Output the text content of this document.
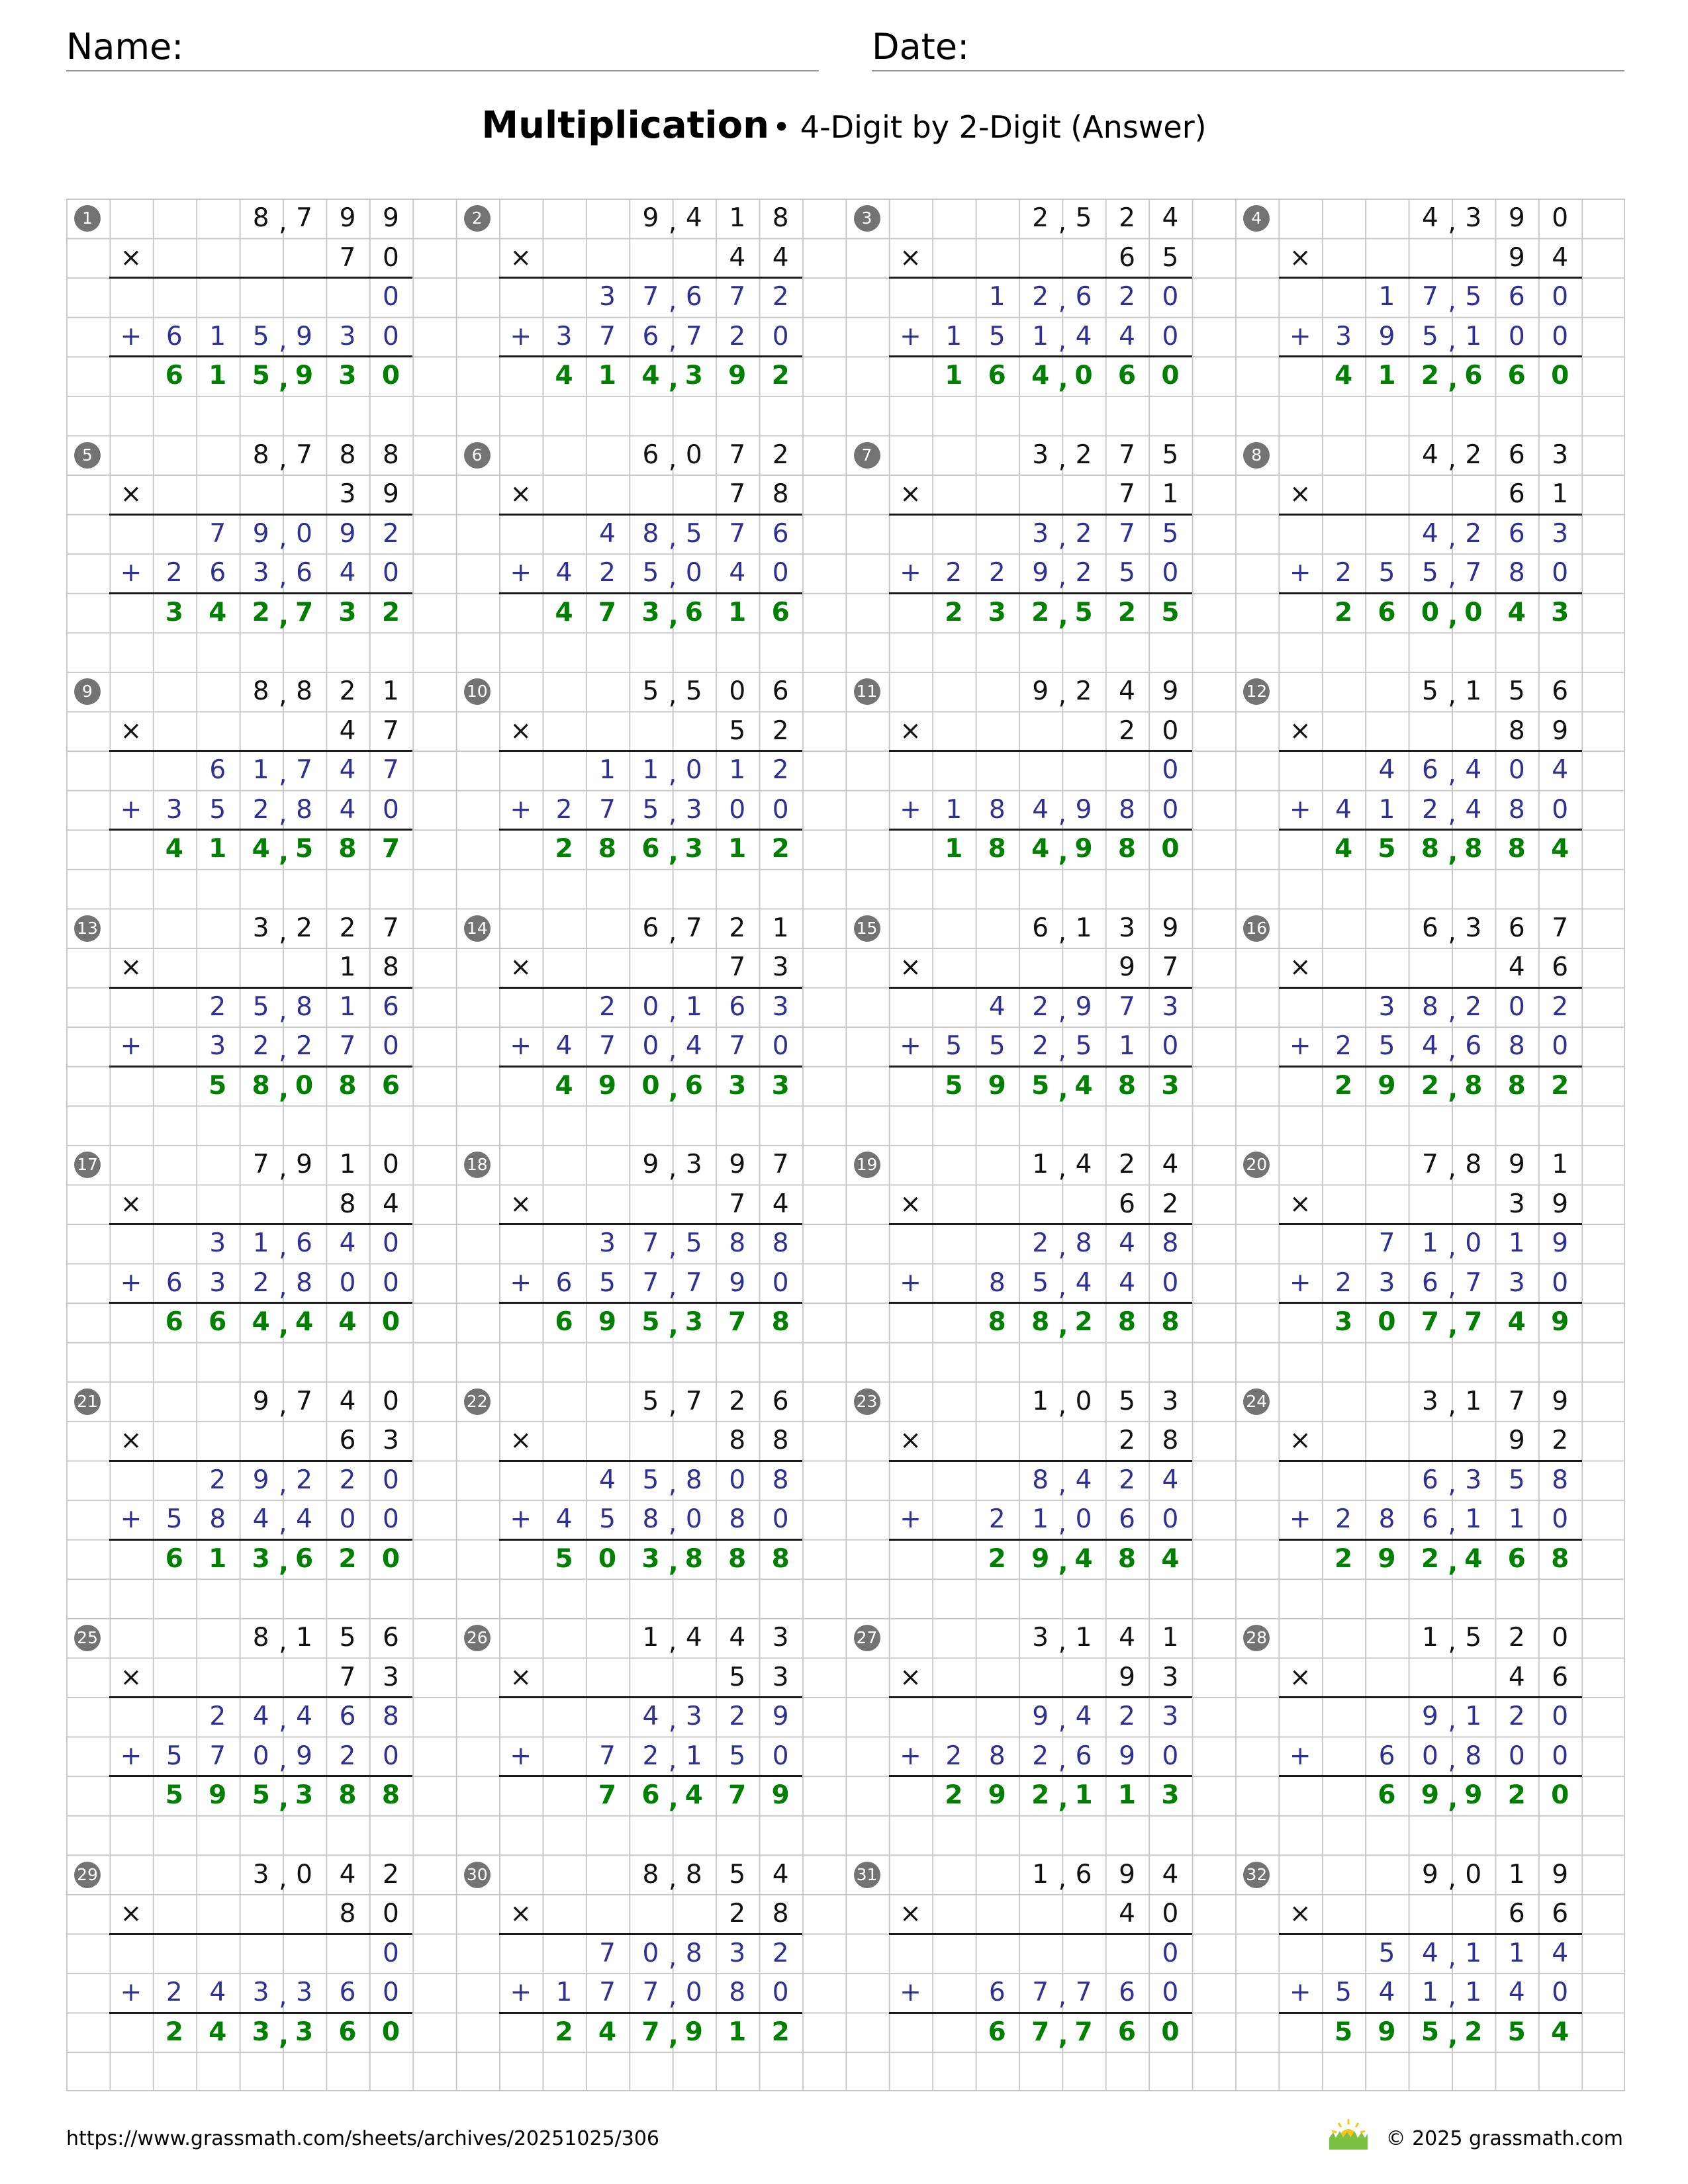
Name:	Date:
Multiplication • 4-Digit by 2-Digit (Answer)
1	8 , 7	9	9
×	7	0
0
+ 6	1	5 , 9	3	0
6 1 5 , 9 3 0
2	9 , 4	1	8
×	4	4
3	7 , 6	7	2
+ 3	7	6 , 7	2	0
4 1 4 , 3 9 2
3	2 , 5	2	4
×	6	5
1	2 , 6	2	0
+ 1	5	1 , 4	4	0
1 6 4 , 0 6 0
4	4 , 3	9	0
×	9	4
1	7 , 5	6	0
+ 3	9	5 , 1	0	0
4 1 2 , 6 6 0
5	8 , 7	8	8
×	3	9
7	9 , 0	9	2
+ 2	6	3 , 6	4	0
3 4 2 , 7 3 2
6	6 , 0	7	2
×	7	8
4	8 , 5	7	6
+ 4	2	5 , 0	4	0
4 7 3 , 6 1 6
7	3 , 2	7	5
×	7	1
3 , 2	7	5
+ 2	2	9 , 2	5	0
2 3 2 , 5 2 5
8	4 , 2	6	3
×	6	1
4 , 2	6	3
+ 2	5	5 , 7	8	0
2 6 0 , 0 4 3
9	8 , 8	2	1
×	4	7
6	1 , 7	4	7
+ 3	5	2 , 8	4	0
4 1 4 , 5 8 7
10	5 , 5	0	6
×	5	2
1	1 , 0	1	2
+ 2	7	5 , 3	0	0
2 8 6 , 3 1 2
11	9 , 2	4	9
×	2	0
0
+ 1	8	4 , 9	8	0
1 8 4 , 9 8 0
12	5 , 1	5	6
×	8	9
4	6 , 4	0	4
+ 4	1	2 , 4	8	0
4 5 8 , 8 8 4
13	3 , 2	2	7
×	1	8
2	5 , 8	1	6
+	3	2 , 2	7	0
5 8 , 0 8 6
14	6 , 7	2	1
×	7	3
2	0 , 1	6	3
+ 4	7	0 , 4	7	0
4 9 0 , 6 3 3
15	6 , 1	3	9
×	9	7
4	2 , 9	7	3
+ 5	5	2 , 5	1	0
5 9 5 , 4 8 3
16	6 , 3	6	7
×	4	6
3	8 , 2	0	2
+ 2	5	4 , 6	8	0
2 9 2 , 8 8 2
17	7 , 9	1	0
×	8	4
3	1 , 6	4	0
+ 6	3	2 , 8	0	0
6 6 4 , 4 4 0
18	9 , 3	9	7
×	7	4
3	7 , 5	8	8
+ 6	5	7 , 7	9	0
6 9 5 , 3 7 8
19	1 , 4	2	4
×	6	2
2 , 8	4	8
+	8	5 , 4	4	0
8 8 , 2 8 8
20	7 , 8	9	1
×	3	9
7	1 , 0	1	9
+ 2	3	6 , 7	3	0
3 0 7 , 7 4 9
21	9 , 7	4	0
×	6	3
2	9 , 2	2	0
+ 5	8	4 , 4	0	0
6 1 3 , 6 2 0
22	5 , 7	2	6
×	8	8
4	5 , 8	0	8
+ 4	5	8 , 0	8	0
5 0 3 , 8 8 8
23	1 , 0	5	3
×	2	8
8 , 4	2	4
+	2	1 , 0	6	0
2 9 , 4 8 4
24	3 , 1	7	9
×	9	2
6 , 3	5	8
+ 2	8	6 , 1	1	0
2 9 2 , 4 6 8
25	8 , 1	5	6
×	7	3
2	4 , 4	6	8
+ 5	7	0 , 9	2	0
5 9 5 , 3 8 8
26	1 , 4	4	3
×	5	3
4 , 3	2	9
+	7	2 , 1	5	0
7 6 , 4 7 9
27	3 , 1	4	1
×	9	3
9 , 4	2	3
+ 2	8	2 , 6	9	0
2 9 2 , 1 1 3
28	1 , 5	2	0
×	4	6
9 , 1	2	0
+	6	0 , 8	0	0
6 9 , 9 2 0
29	3 , 0	4	2
×	8	0
0
+ 2	4	3 , 3	6	0
2 4 3 , 3 6 0
30	8 , 8	5	4
×	2	8
7	0 , 8	3	2
+ 1	7	7 , 0	8	0
2 4 7 , 9 1 2
31	1 , 6	9	4
×	4	0
0
+	6	7 , 7	6	0
6 7 , 7 6 0
32	9 , 0	1	9
×	6	6
5	4 , 1	1	4
+ 5	4	1 , 1	4	0
5 9 5 , 2 5 4
https://www.grassmath.com/sheets/archives/20251025/306	© 2025 grassmath.com
